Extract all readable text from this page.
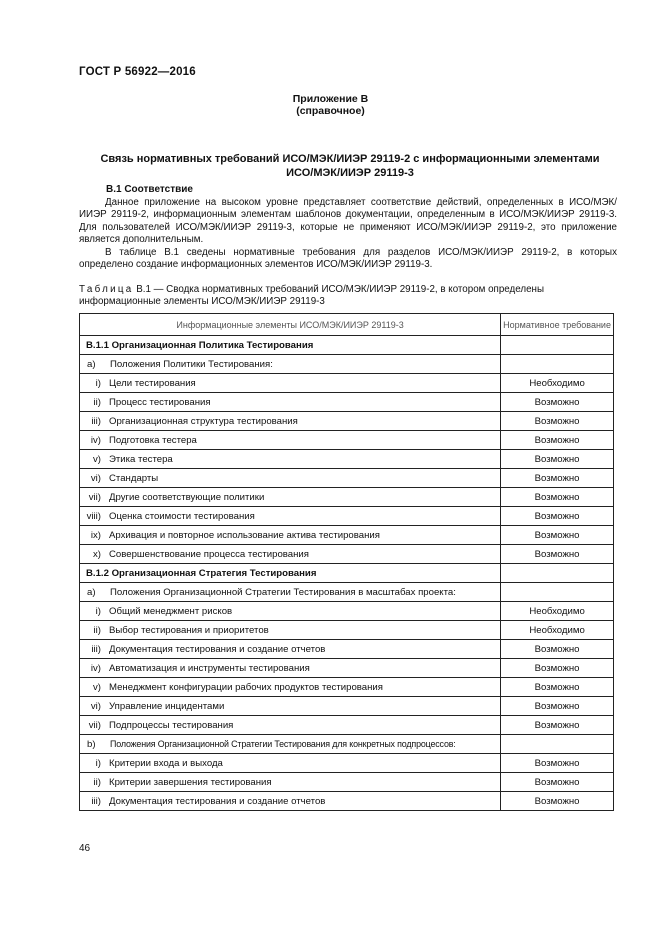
ГОСТ Р 56922—2016
Приложение В
(справочное)
Связь нормативных требований ИСО/МЭК/ИИЭР 29119-2 с информационными элементами
ИСО/МЭК/ИИЭР 29119-3
В.1 Соответствие
Данное приложение на высоком уровне представляет соответствие действий, определенных в ИСО/МЭК/ИИЭР 29119-2, информационным элементам шаблонов документации, определенным в ИСО/МЭК/ИИЭР 29119-3. Для пользователей ИСО/МЭК/ИИЭР 29119-3, которые не применяют ИСО/МЭК/ИИЭР 29119-2, это приложение является дополнительным.
В таблице В.1 сведены нормативные требования для разделов ИСО/МЭК/ИИЭР 29119-2, в которых определено создание информационных элементов ИСО/МЭК/ИИЭР 29119-3.
Таблица В.1 — Сводка нормативных требований ИСО/МЭК/ИИЭР 29119-2, в котором определены информационные элементы ИСО/МЭК/ИИЭР 29119-3
Информационные элементы ИСО/МЭК/ИИЭР 29119-3	Нормативное требование
В.1.1 Организационная Политика Тестирования	
a) Положения Политики Тестирования:	
i) Цели тестирования	Необходимо
ii) Процесс тестирования	Возможно
iii) Организационная структура тестирования	Возможно
iv) Подготовка тестера	Возможно
v) Этика тестера	Возможно
vi) Стандарты	Возможно
vii) Другие соответствующие политики	Возможно
viii) Оценка стоимости тестирования	Возможно
ix) Архивация и повторное использование актива тестирования	Возможно
x) Совершенствование процесса тестирования	Возможно
В.1.2 Организационная Стратегия Тестирования	
a) Положения Организационной Стратегии Тестирования в масштабах проекта:	
i) Общий менеджмент рисков	Необходимо
ii) Выбор тестирования и приоритетов	Необходимо
iii) Документация тестирования и создание отчетов	Возможно
iv) Автоматизация и инструменты тестирования	Возможно
v) Менеджмент конфигурации рабочих продуктов тестирования	Возможно
vi) Управление инцидентами	Возможно
vii) Подпроцессы тестирования	Возможно
b) Положения Организационной Стратегии Тестирования для конкретных подпроцессов:	
i) Критерии входа и выхода	Возможно
ii) Критерии завершения тестирования	Возможно
iii) Документация тестирования и создание отчетов	Возможно
46
